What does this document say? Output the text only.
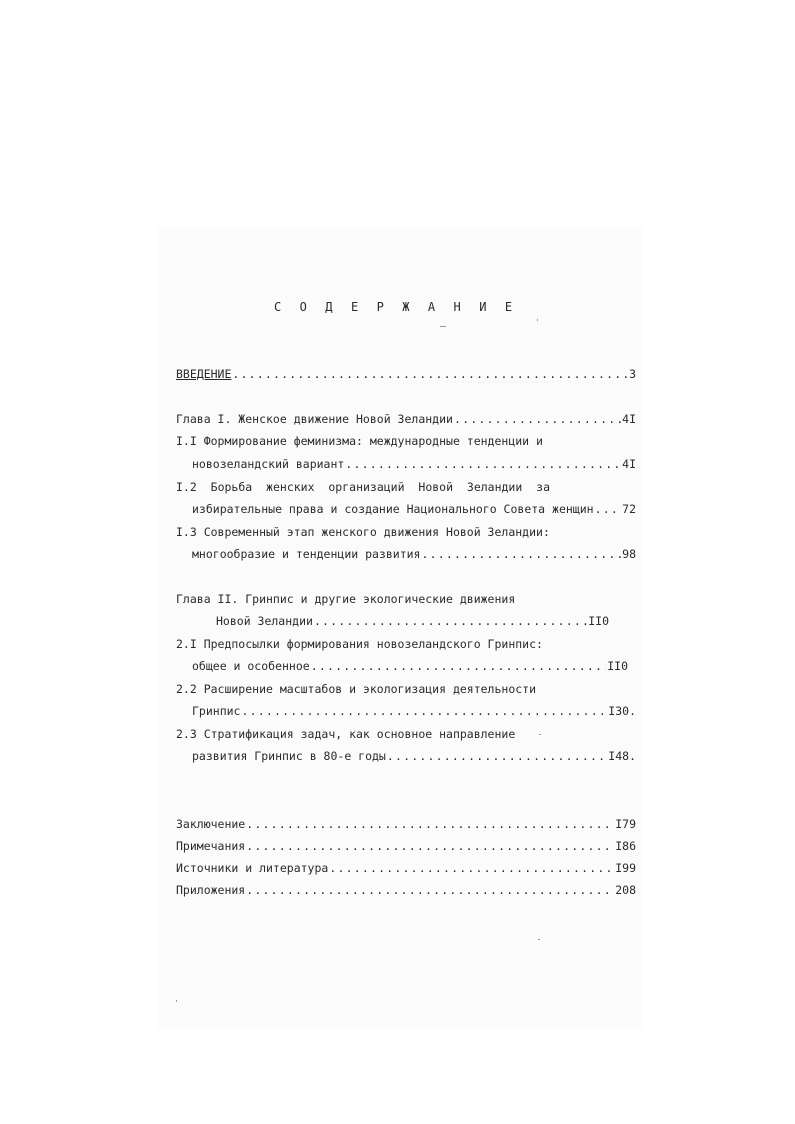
С О Д Е Р Ж А Н И Е
ВВЕДЕНИЕ .....	3
Глава I. Женское движение Новой Зеландии .....	4I
I.I Формирование феминизма: международные тенденции и
новозеландский вариант .....	4I
I.2 Борьба женских организаций Новой Зеландии за
избирательные права и создание Национального Совета женщин ..... 72
I.3 Современный этап женского движения Новой Зеландии:
многообразие и тенденции развития .....	98
Глава II. Гринпис и другие экологические движения
Новой Зеландии .....	II0
2.I Предпосылки формирования новозеландского Гринпис:
общее и особенное .....	II0
2.2 Расширение масштабов и экологизация деятельности
Гринпис .....	I30.
2.3 Стратификация задач, как основное направление
развития Гринпис в 80-е годы .....	I48.
Заключение .....	I79
Примечания .....	I86
Источники и литература .....	I99
Приложения .....	208
